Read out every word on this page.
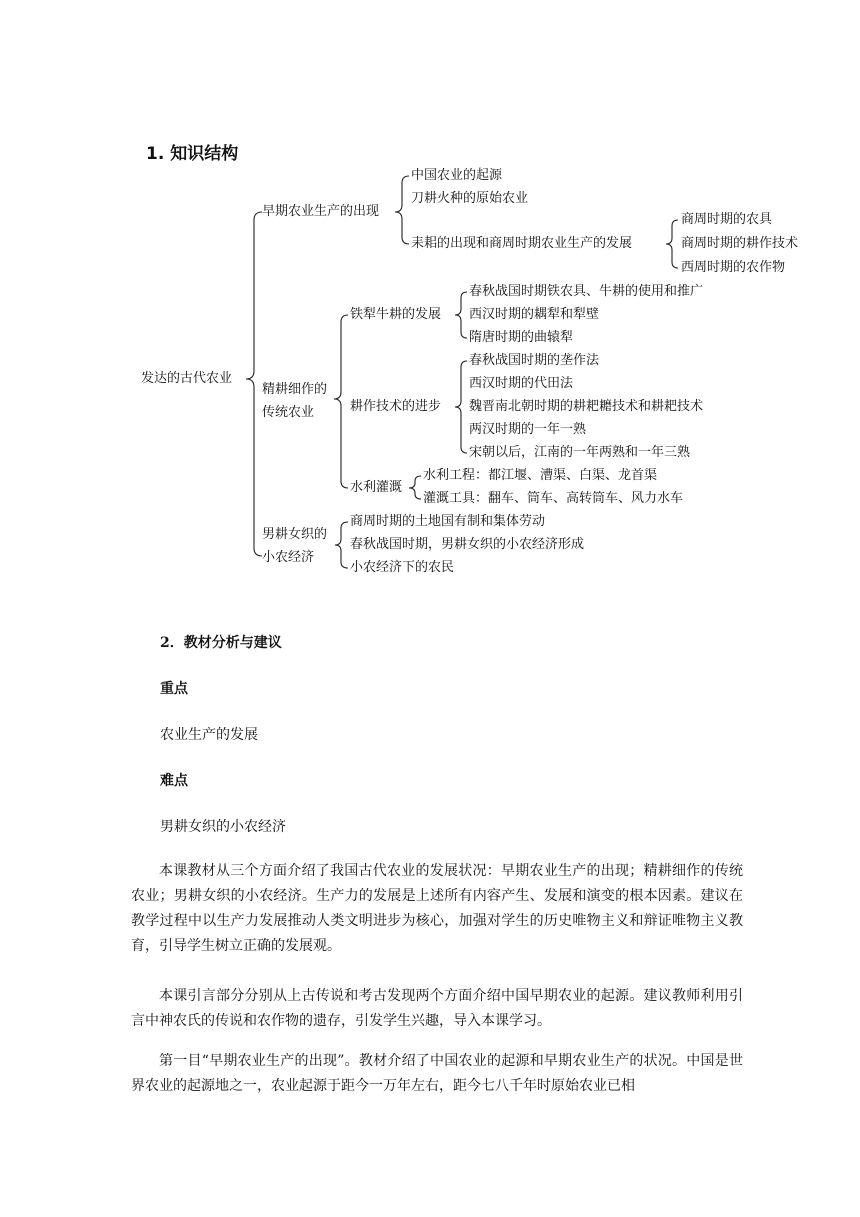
1. 知识结构
发达的古代农业
早期农业生产的出现
中国农业的起源
刀耕火种的原始农业
耒耜的出现和商周时期农业生产的发展
商周时期的农具
商周时期的耕作技术
西周时期的农作物
精耕细作的
传统农业
铁犁牛耕的发展
春秋战国时期铁农具、牛耕的使用和推广
西汉时期的耦犁和犁壁
隋唐时期的曲辕犁
耕作技术的进步
春秋战国时期的垄作法
西汉时期的代田法
魏晋南北朝时期的耕耙耱技术和耕耙技术
两汉时期的一年一熟
宋朝以后，江南的一年两熟和一年三熟
水利灌溉
水利工程：都江堰、漕渠、白渠、龙首渠
灌溉工具：翻车、筒车、高转筒车、风力水车
男耕女织的
小农经济
商周时期的土地国有制和集体劳动
春秋战国时期，男耕女织的小农经济形成
小农经济下的农民
2．教材分析与建议
重点
农业生产的发展
难点
男耕女织的小农经济
本课教材从三个方面介绍了我国古代农业的发展状况：早期农业生产的出现；精耕细作的传统农业；男耕女织的小农经济。生产力的发展是上述所有内容产生、发展和演变的根本因素。建议在教学过程中以生产力发展推动人类文明进步为核心，加强对学生的历史唯物主义和辩证唯物主义教育，引导学生树立正确的发展观。
本课引言部分分别从上古传说和考古发现两个方面介绍中国早期农业的起源。建议教师利用引言中神农氏的传说和农作物的遗存，引发学生兴趣，导入本课学习。
第一目“早期农业生产的出现”。教材介绍了中国农业的起源和早期农业生产的状况。中国是世界农业的起源地之一，农业起源于距今一万年左右，距今七八千年时原始农业已相
